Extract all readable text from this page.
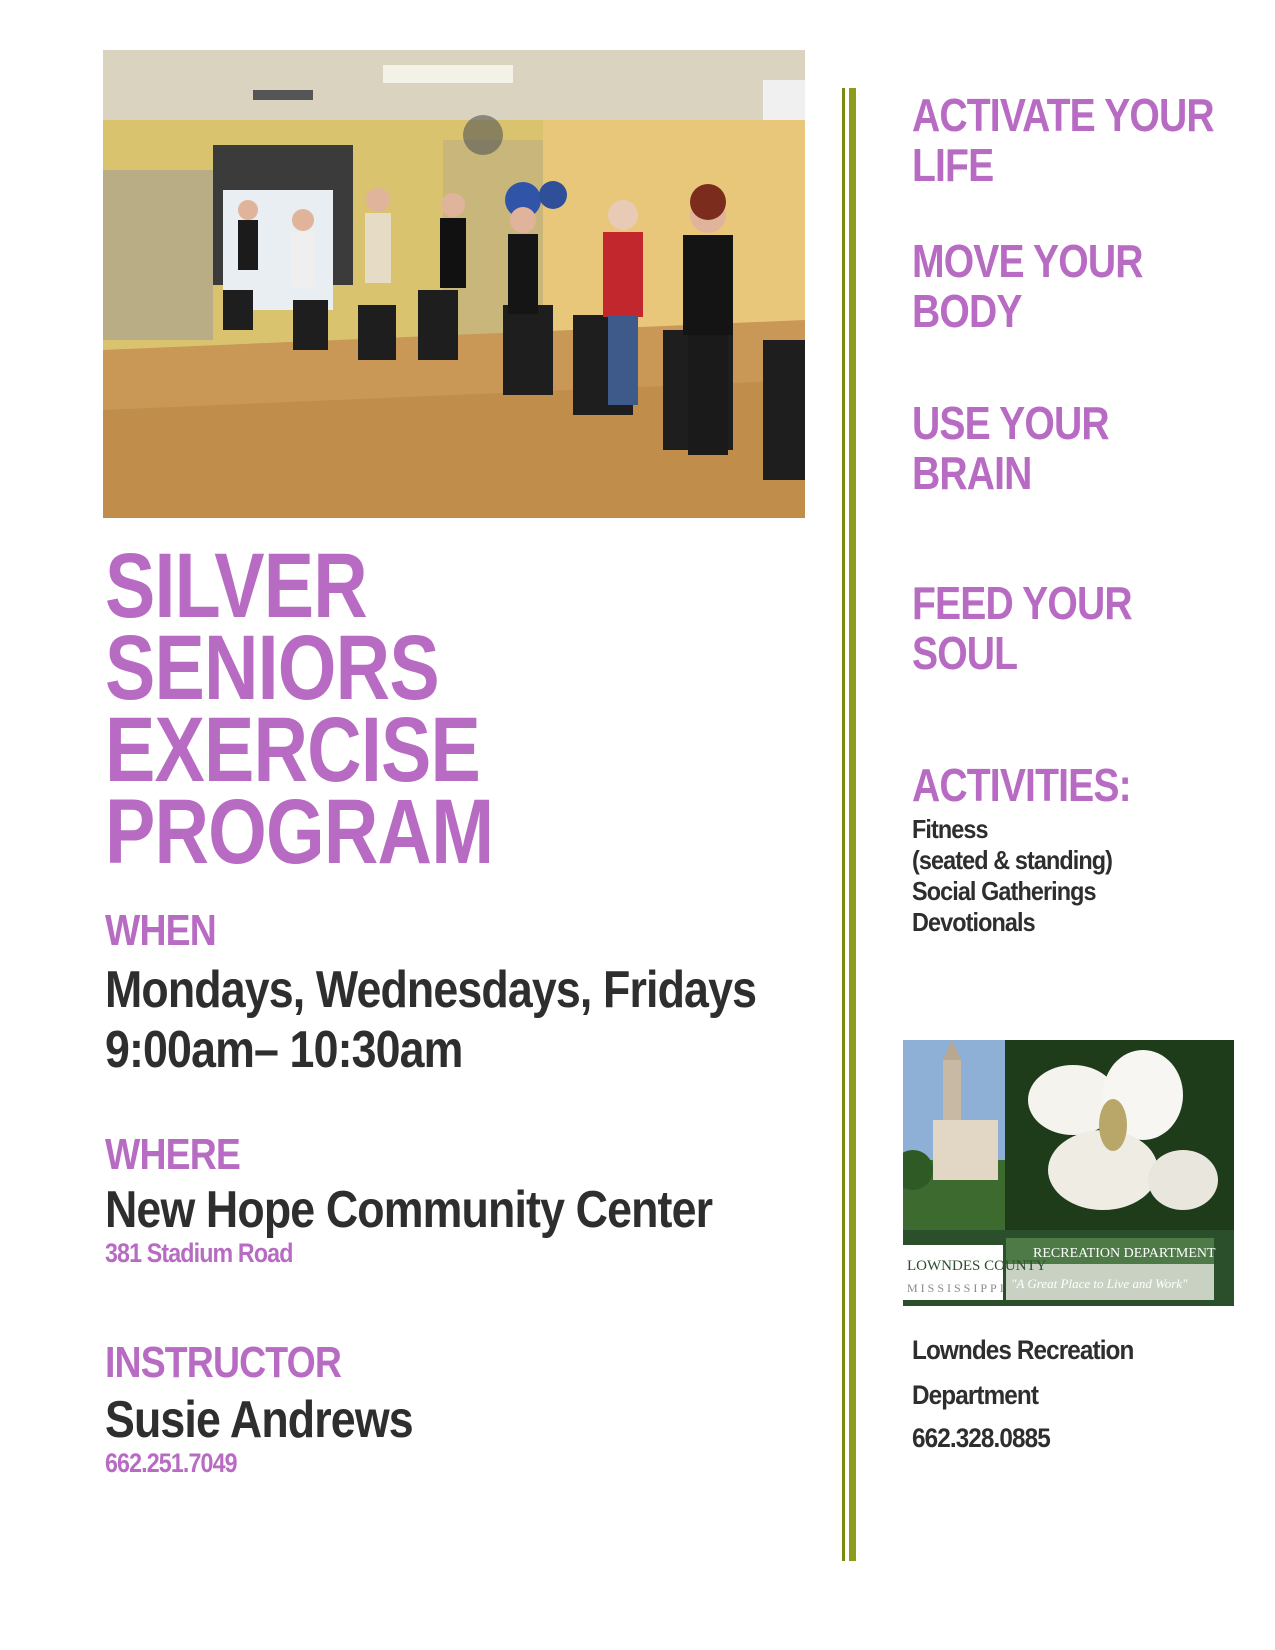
SILVER
SENIORS
EXERCISE
PROGRAM

WHEN

Mondays, Wednesdays, Fridays

9:00am– 10:30am

WHERE

New Hope Community Center

381 Stadium Road

INSTRUCTOR

Susie Andrews

662.251.7049

ACTIVATE YOUR
LIFE
MOVE YOUR
BODY
USE YOUR
BRAIN
FEED YOUR
SOUL
ACTIVITIES:
Fitness
(seated & standing)
Social Gatherings
Devotionals
LOWNDES COUNTY
MISSISSIPPI
RECREATION DEPARTMENT
"A Great Place to Live and Work"

Lowndes Recreation

Department

662.328.0885
